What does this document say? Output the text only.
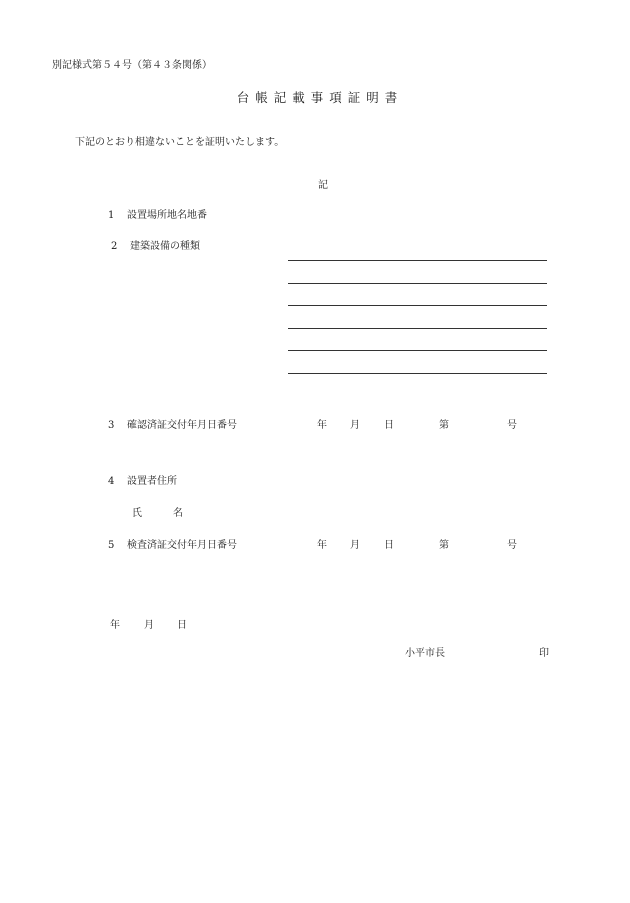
別記様式第５４号（第４３条関係）
台帳記載事項証明書
下記のとおり相違ないことを証明いたします。
記
1 設置場所地名地番
2 建築設備の種類
3 確認済証交付年月日番号	年 月 日	第	号
4 設置者住所
氏	名
5 検査済証交付年月日番号	年 月 日	第	号
年 月 日
小平市長	印
